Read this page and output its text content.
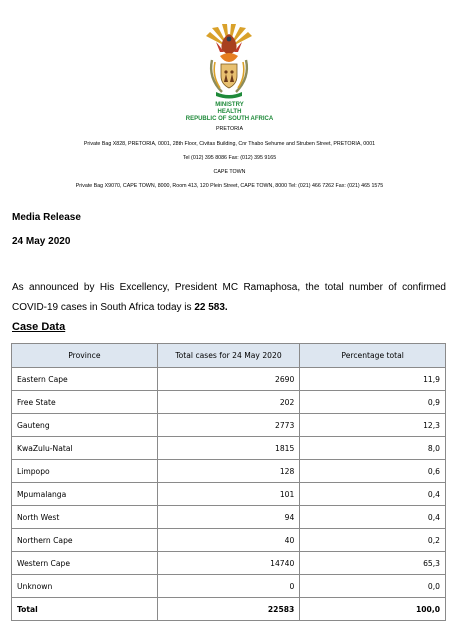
MINISTRY
HEALTH
REPUBLIC OF SOUTH AFRICA
PRETORIA
Private Bag X828, PRETORIA, 0001, 28th Floor, Civitas Building, Cnr Thabo Sehume and Struben Street, PRETORIA, 0001
Tel (012) 395 8086 Fax: (012) 395 9165
CAPE TOWN
Private Bag X9070, CAPE TOWN, 8000, Room 413, 120 Plein Street, CAPE TOWN, 8000 Tel: (021) 466 7262 Fax: (021) 465 1575
Media Release
24 May 2020
As announced by His Excellency, President MC Ramaphosa, the total number of confirmed COVID-19 cases in South Africa today is 22 583.
Case Data
Province	Total cases for 24 May 2020	Percentage total
Eastern Cape	2690	11,9
Free State	202	0,9
Gauteng	2773	12,3
KwaZulu-Natal	1815	8,0
Limpopo	128	0,6
Mpumalanga	101	0,4
North West	94	0,4
Northern Cape	40	0,2
Western Cape	14740	65,3
Unknown	0	0,0
Total	22583	100,0
